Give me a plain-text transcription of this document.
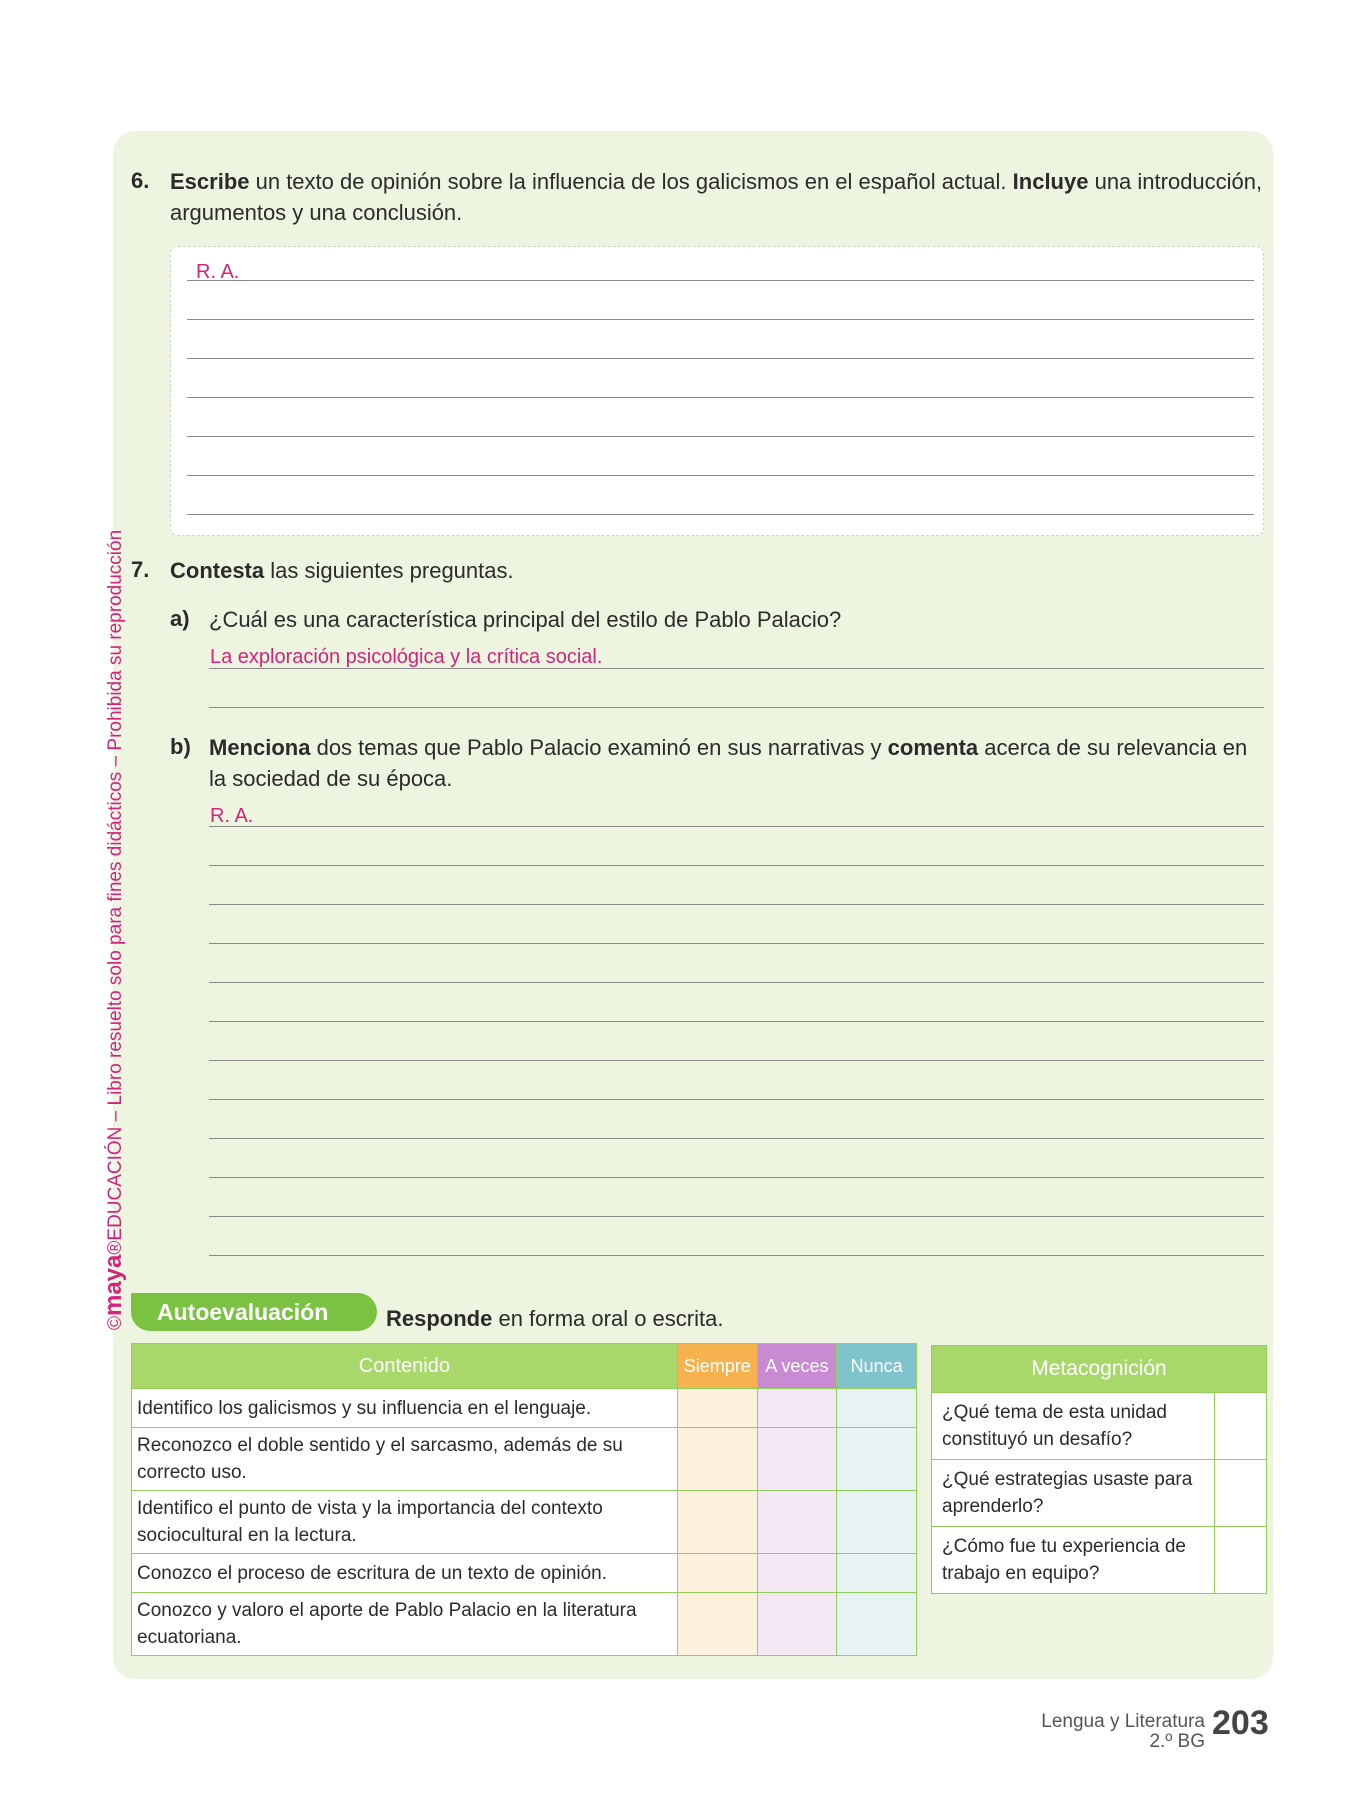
©maya®EDUCACIÓN – Libro resuelto solo para fines didácticos – Prohibida su reproducción
6. Escribe un texto de opinión sobre la influencia de los galicismos en el español actual. Incluye una introducción, argumentos y una conclusión.
R. A.
7. Contesta las siguientes preguntas.
a) ¿Cuál es una característica principal del estilo de Pablo Palacio?
La exploración psicológica y la crítica social.
b) Menciona dos temas que Pablo Palacio examinó en sus narrativas y comenta acerca de su relevancia en la sociedad de su época.
R. A.
Autoevaluación	Responde en forma oral o escrita.
Contenido	Siempre	A veces	Nunca
Identifico los galicismos y su influencia en el lenguaje.			
Reconozco el doble sentido y el sarcasmo, además de su correcto uso.			
Identifico el punto de vista y la importancia del contexto sociocultural en la lectura.			
Conozco el proceso de escritura de un texto de opinión.			
Conozco y valoro el aporte de Pablo Palacio en la literatura ecuatoriana.			
Metacognición	
¿Qué tema de esta unidad constituyó un desafío?	
¿Qué estrategias usaste para aprenderlo?	
¿Cómo fue tu experiencia de trabajo en equipo?	
Lengua y Literatura
2.º BG 203
